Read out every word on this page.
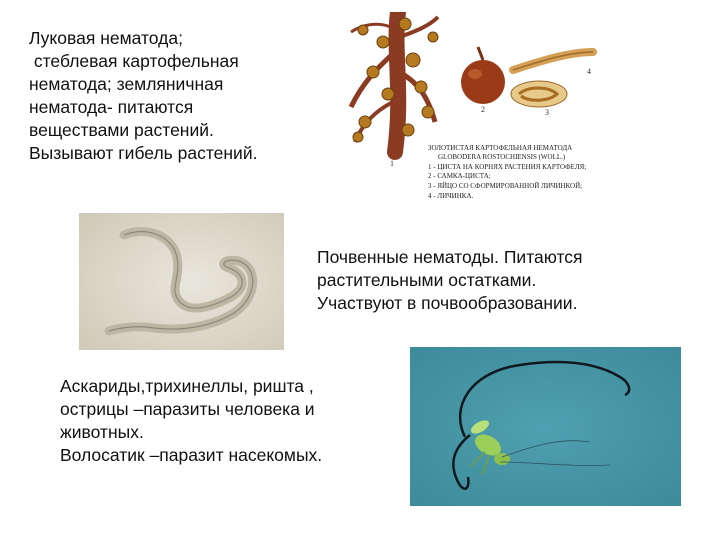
Луковая нематода;
стеблевая картофельная
нематода; земляничная
нематода- питаются
веществами растений.
Вызывают гибель растений.
1
2	3
4
ЗОЛОТИСТАЯ КАРТОФЕЛЬНАЯ НЕМАТОДА
GLOBODERA ROSTOCHIENSIS (WOLL.)
1 - ЦИСТА НА КОРНЯХ РАСТЕНИЯ КАРТОФЕЛЯ;
2 - САМКА-ЦИСТА;
3 - ЯЙЦО СО СФОРМИРОВАННОЙ ЛИЧИНКОЙ;
4 - ЛИЧИНКА.
Почвенные нематоды. Питаются
растительными остатками.
Участвуют в почвообразовании.
Аскариды,трихинеллы, ришта ,
острицы –паразиты человека и
животных.
Волосатик –паразит насекомых.
